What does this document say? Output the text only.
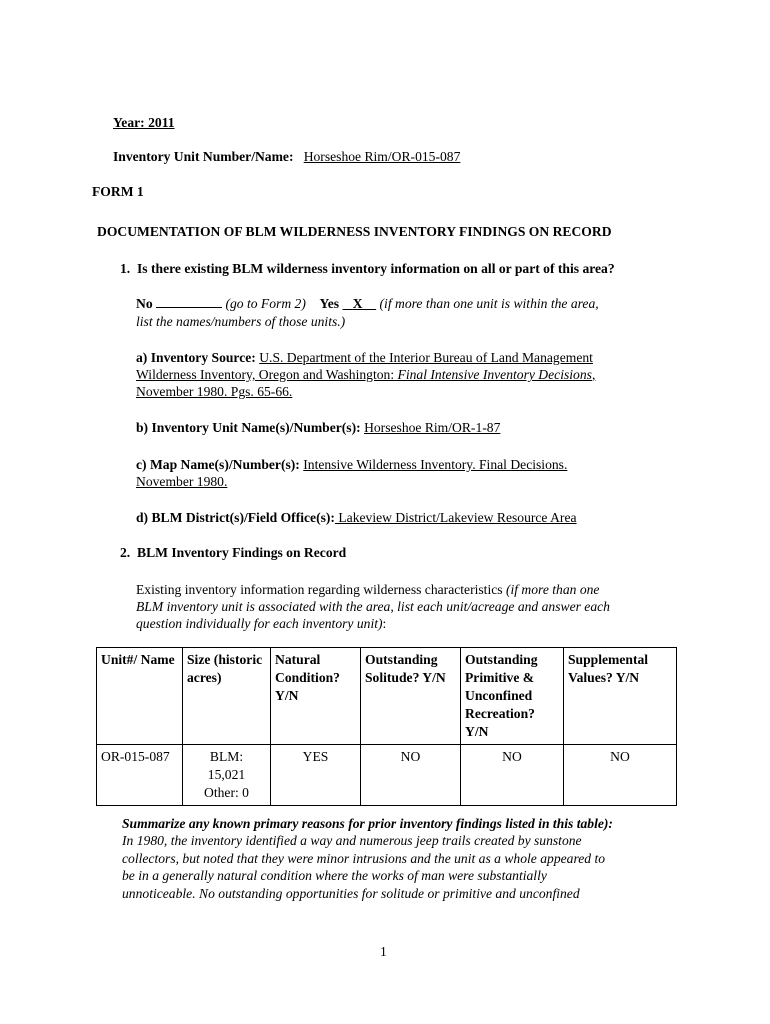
Year: 2011
Inventory Unit Number/Name: Horseshoe Rim/OR-015-087
FORM 1
DOCUMENTATION OF BLM WILDERNESS INVENTORY FINDINGS ON RECORD
1. Is there existing BLM wilderness inventory information on all or part of this area?
No	(go to Form 2) Yes X (if more than one unit is within the area,
list the names/numbers of those units.)
a) Inventory Source: U.S. Department of the Interior Bureau of Land Management
Wilderness Inventory, Oregon and Washington: Final Intensive Inventory Decisions,
November 1980. Pgs. 65-66.
b) Inventory Unit Name(s)/Number(s): Horseshoe Rim/OR-1-87
c) Map Name(s)/Number(s): Intensive Wilderness Inventory. Final Decisions.
November 1980.
d) BLM District(s)/Field Office(s): Lakeview District/Lakeview Resource Area
2. BLM Inventory Findings on Record
Existing inventory information regarding wilderness characteristics (if more than one
BLM inventory unit is associated with the area, list each unit/acreage and answer each
question individually for each inventory unit):
Unit#/ Name	Size (historic acres)	Natural Condition? Y/N	Outstanding Solitude? Y/N	Outstanding Primitive & Unconfined Recreation? Y/N	Supplemental Values? Y/N
OR-015-087	BLM:
15,021
Other: 0	YES	NO	NO	NO
Summarize any known primary reasons for prior inventory findings listed in this table):
In 1980, the inventory identified a way and numerous jeep trails created by sunstone
collectors, but noted that they were minor intrusions and the unit as a whole appeared to
be in a generally natural condition where the works of man were substantially
unnoticeable. No outstanding opportunities for solitude or primitive and unconfined
1
